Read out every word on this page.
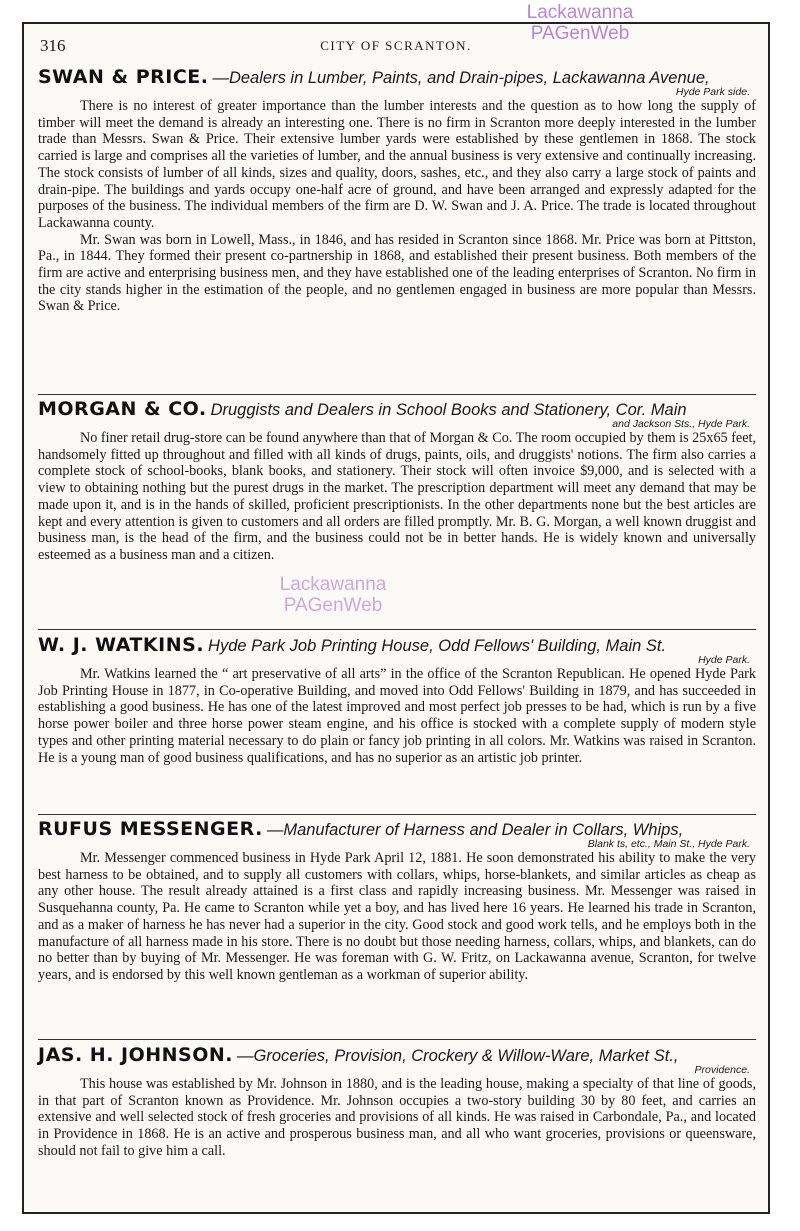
316	CITY OF SCRANTON.
SWAN & PRICE. —Dealers in Lumber, Paints, and Drain-pipes, Lackawanna Avenue,
Hyde Park side.

There is no interest of greater importance than the lumber interests and the question as to how long the supply of timber will meet the demand is already an interesting one. There is no firm in Scranton more deeply interested in the lumber trade than Messrs. Swan & Price. Their extensive lumber yards were established by these gentlemen in 1868. The stock carried is large and comprises all the varieties of lumber, and the annual business is very extensive and continually increasing. The stock consists of lumber of all kinds, sizes and quality, doors, sashes, etc., and they also carry a large stock of paints and drain-pipe. The buildings and yards occupy one-half acre of ground, and have been arranged and expressly adapted for the purposes of the business. The individual members of the firm are D. W. Swan and J. A. Price. The trade is located throughout Lackawanna county.

Mr. Swan was born in Lowell, Mass., in 1846, and has resided in Scranton since 1868. Mr. Price was born at Pittston, Pa., in 1844. They formed their present co-partnership in 1868, and established their present business. Both members of the firm are active and enterprising business men, and they have established one of the leading enterprises of Scranton. No firm in the city stands higher in the estimation of the people, and no gentlemen engaged in business are more popular than Messrs. Swan & Price.

MORGAN & CO. Druggists and Dealers in School Books and Stationery, Cor. Main
and Jackson Sts., Hyde Park.

No finer retail drug-store can be found anywhere than that of Morgan & Co. The room occupied by them is 25x65 feet, handsomely fitted up throughout and filled with all kinds of drugs, paints, oils, and druggists' notions. The firm also carries a complete stock of school-books, blank books, and stationery. Their stock will often invoice $9,000, and is selected with a view to obtaining nothing but the purest drugs in the market. The prescription department will meet any demand that may be made upon it, and is in the hands of skilled, proficient prescriptionists. In the other departments none but the best articles are kept and every attention is given to customers and all orders are filled promptly. Mr. B. G. Morgan, a well known druggist and business man, is the head of the firm, and the business could not be in better hands. He is widely known and universally esteemed as a business man and a citizen.

W. J. WATKINS. Hyde Park Job Printing House, Odd Fellows' Building, Main St.
Hyde Park.

Mr. Watkins learned the “ art preservative of all arts” in the office of the Scranton Republican. He opened Hyde Park Job Printing House in 1877, in Co-operative Building, and moved into Odd Fellows' Building in 1879, and has succeeded in establishing a good business. He has one of the latest improved and most perfect job presses to be had, which is run by a five horse power boiler and three horse power steam engine, and his office is stocked with a complete supply of modern style types and other printing material necessary to do plain or fancy job printing in all colors. Mr. Watkins was raised in Scranton. He is a young man of good business qualifications, and has no superior as an artistic job printer.

RUFUS MESSENGER. —Manufacturer of Harness and Dealer in Collars, Whips,
Blank ts, etc., Main St., Hyde Park.

Mr. Messenger commenced business in Hyde Park April 12, 1881. He soon demonstrated his ability to make the very best harness to be obtained, and to supply all customers with collars, whips, horse-blankets, and similar articles as cheap as any other house. The result already attained is a first class and rapidly increasing business. Mr. Messenger was raised in Susquehanna county, Pa. He came to Scranton while yet a boy, and has lived here 16 years. He learned his trade in Scranton, and as a maker of harness he has never had a superior in the city. Good stock and good work tells, and he employs both in the manufacture of all harness made in his store. There is no doubt but those needing harness, collars, whips, and blankets, can do no better than by buying of Mr. Messenger. He was foreman with G. W. Fritz, on Lackawanna avenue, Scranton, for twelve years, and is endorsed by this well known gentleman as a workman of superior ability.

JAS. H. JOHNSON. —Groceries, Provision, Crockery & Willow-Ware, Market St.,
Providence.

This house was established by Mr. Johnson in 1880, and is the leading house, making a specialty of that line of goods, in that part of Scranton known as Providence. Mr. Johnson occupies a two-story building 30 by 80 feet, and carries an extensive and well selected stock of fresh groceries and provisions of all kinds. He was raised in Carbondale, Pa., and located in Providence in 1868. He is an active and prosperous business man, and all who want groceries, provisions or queensware, should not fail to give him a call.

Lackawanna
PAGenWeb
Lackawanna
PAGenWeb
